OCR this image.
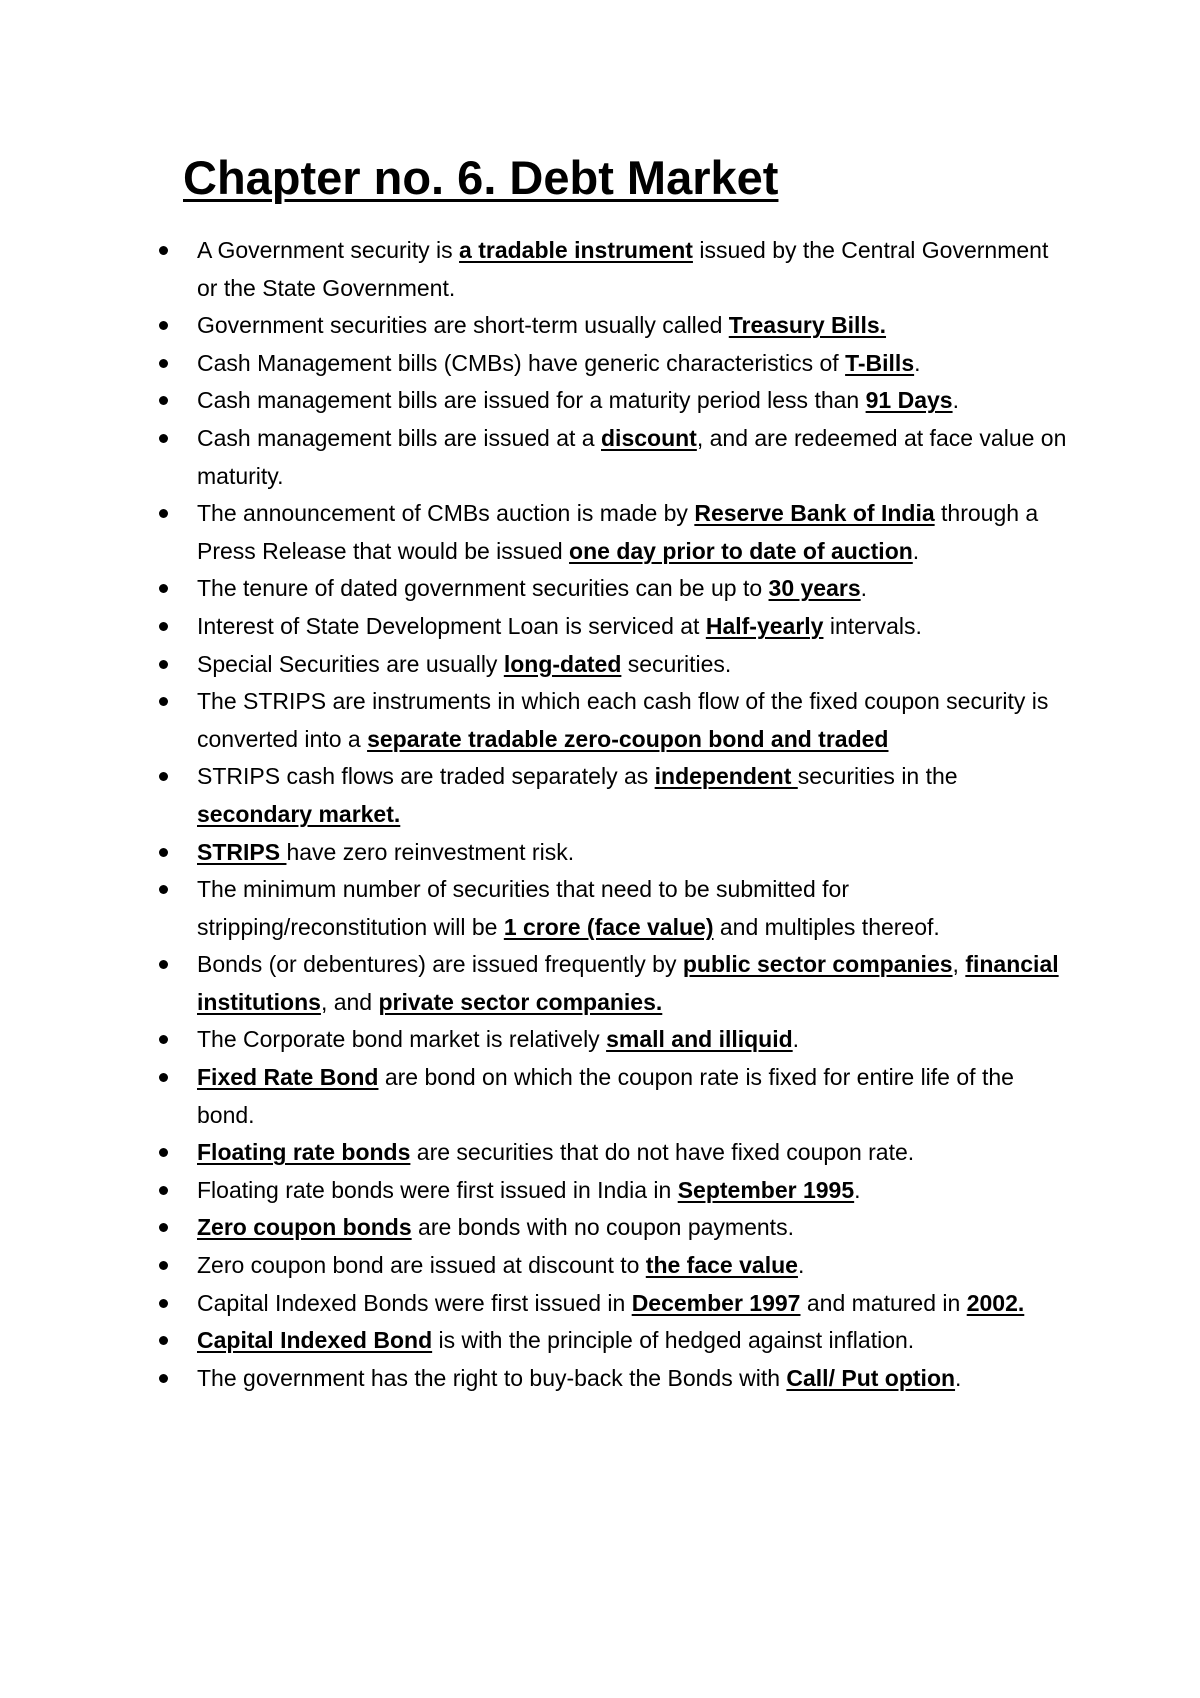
Chapter no. 6. Debt Market
A Government security is a tradable instrument issued by the Central Government or the State Government.
Government securities are short-term usually called Treasury Bills.
Cash Management bills (CMBs) have generic characteristics of T-Bills.
Cash management bills are issued for a maturity period less than 91 Days.
Cash management bills are issued at a discount, and are redeemed at face value on maturity.
The announcement of CMBs auction is made by Reserve Bank of India through a Press Release that would be issued one day prior to date of auction.
The tenure of dated government securities can be up to 30 years.
Interest of State Development Loan is serviced at Half-yearly intervals.
Special Securities are usually long-dated securities.
The STRIPS are instruments in which each cash flow of the fixed coupon security is converted into a separate tradable zero-coupon bond and traded
STRIPS cash flows are traded separately as independent securities in the secondary market.
STRIPS have zero reinvestment risk.
The minimum number of securities that need to be submitted for stripping/reconstitution will be 1 crore (face value) and multiples thereof.
Bonds (or debentures) are issued frequently by public sector companies, financial institutions, and private sector companies.
The Corporate bond market is relatively small and illiquid.
Fixed Rate Bond are bond on which the coupon rate is fixed for entire life of the bond.
Floating rate bonds are securities that do not have fixed coupon rate.
Floating rate bonds were first issued in India in September 1995.
Zero coupon bonds are bonds with no coupon payments.
Zero coupon bond are issued at discount to the face value.
Capital Indexed Bonds were first issued in December 1997 and matured in 2002.
Capital Indexed Bond is with the principle of hedged against inflation.
The government has the right to buy-back the Bonds with Call/ Put option.
